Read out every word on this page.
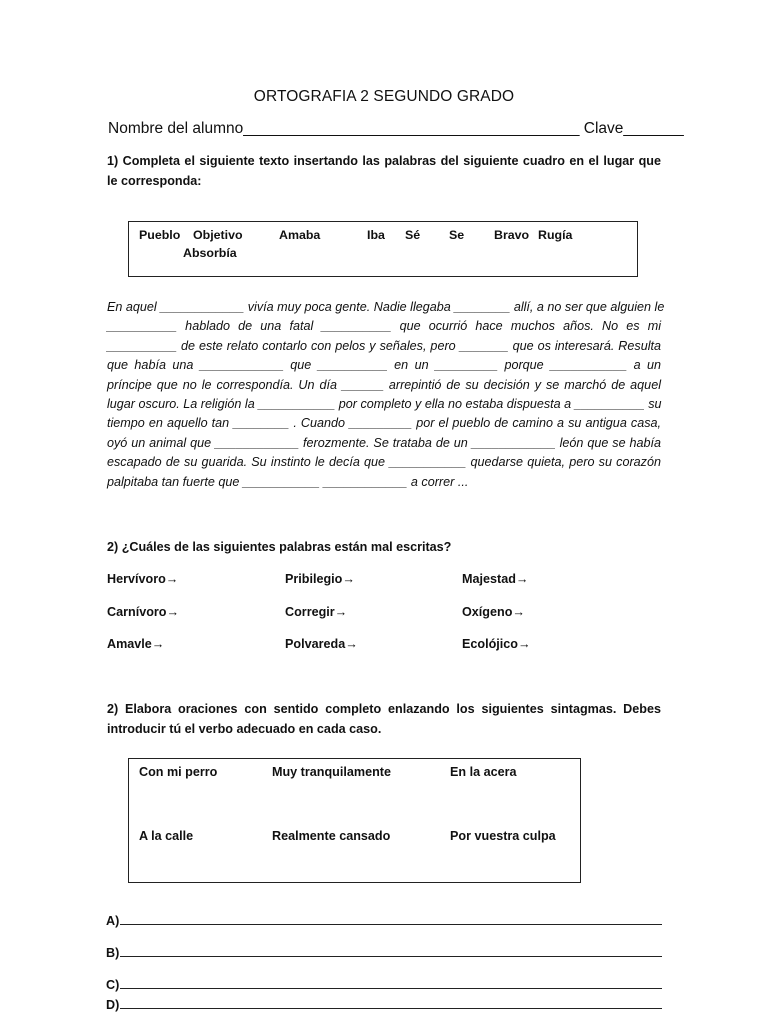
ORTOGRAFIA 2 SEGUNDO GRADO
Nombre del alumno_______________________________________ Clave_______
1) Completa el siguiente texto insertando las palabras del siguiente cuadro en el lugar que le corresponda:
Pueblo Objetivo	Amaba	Iba Sé Se Bravo Rugía
Absorbía
En aquel ____________ vivía muy poca gente. Nadie llegaba ________ allí, a no ser que alguien le
__________ hablado de una fatal __________ que ocurrió hace muchos años. No es mi
__________ de este relato contarlo con pelos y señales, pero _______ que os interesará. Resulta
que había una ____________ que __________ en un _________ porque ___________ a un
príncipe que no le correspondía. Un día ______ arrepintió de su decisión y se marchó de aquel
lugar oscuro. La religión la ___________ por completo y ella no estaba dispuesta a __________ su
tiempo en aquello tan ________ . Cuando _________ por el pueblo de camino a su antigua casa,
oyó un animal que ____________ ferozmente. Se trataba de un ____________ león que se había
escapado de su guarida. Su instinto le decía que ___________ quedarse quieta, pero su corazón
palpitaba tan fuerte que ___________ ____________ a correr ...
2) ¿Cuáles de las siguientes palabras están mal escritas?
Hervívoro→	Pribilegio→	Majestad→
Carnívoro→	Corregir→	Oxígeno→
Amavle→	Polvareda→	Ecolójico→
2) Elabora oraciones con sentido completo enlazando los siguientes sintagmas. Debes introducir tú el verbo adecuado en cada caso.
Con mi perro	Muy tranquilamente	En la acera
A la calle	Realmente cansado	Por vuestra culpa
A)
B)
C)
D)
